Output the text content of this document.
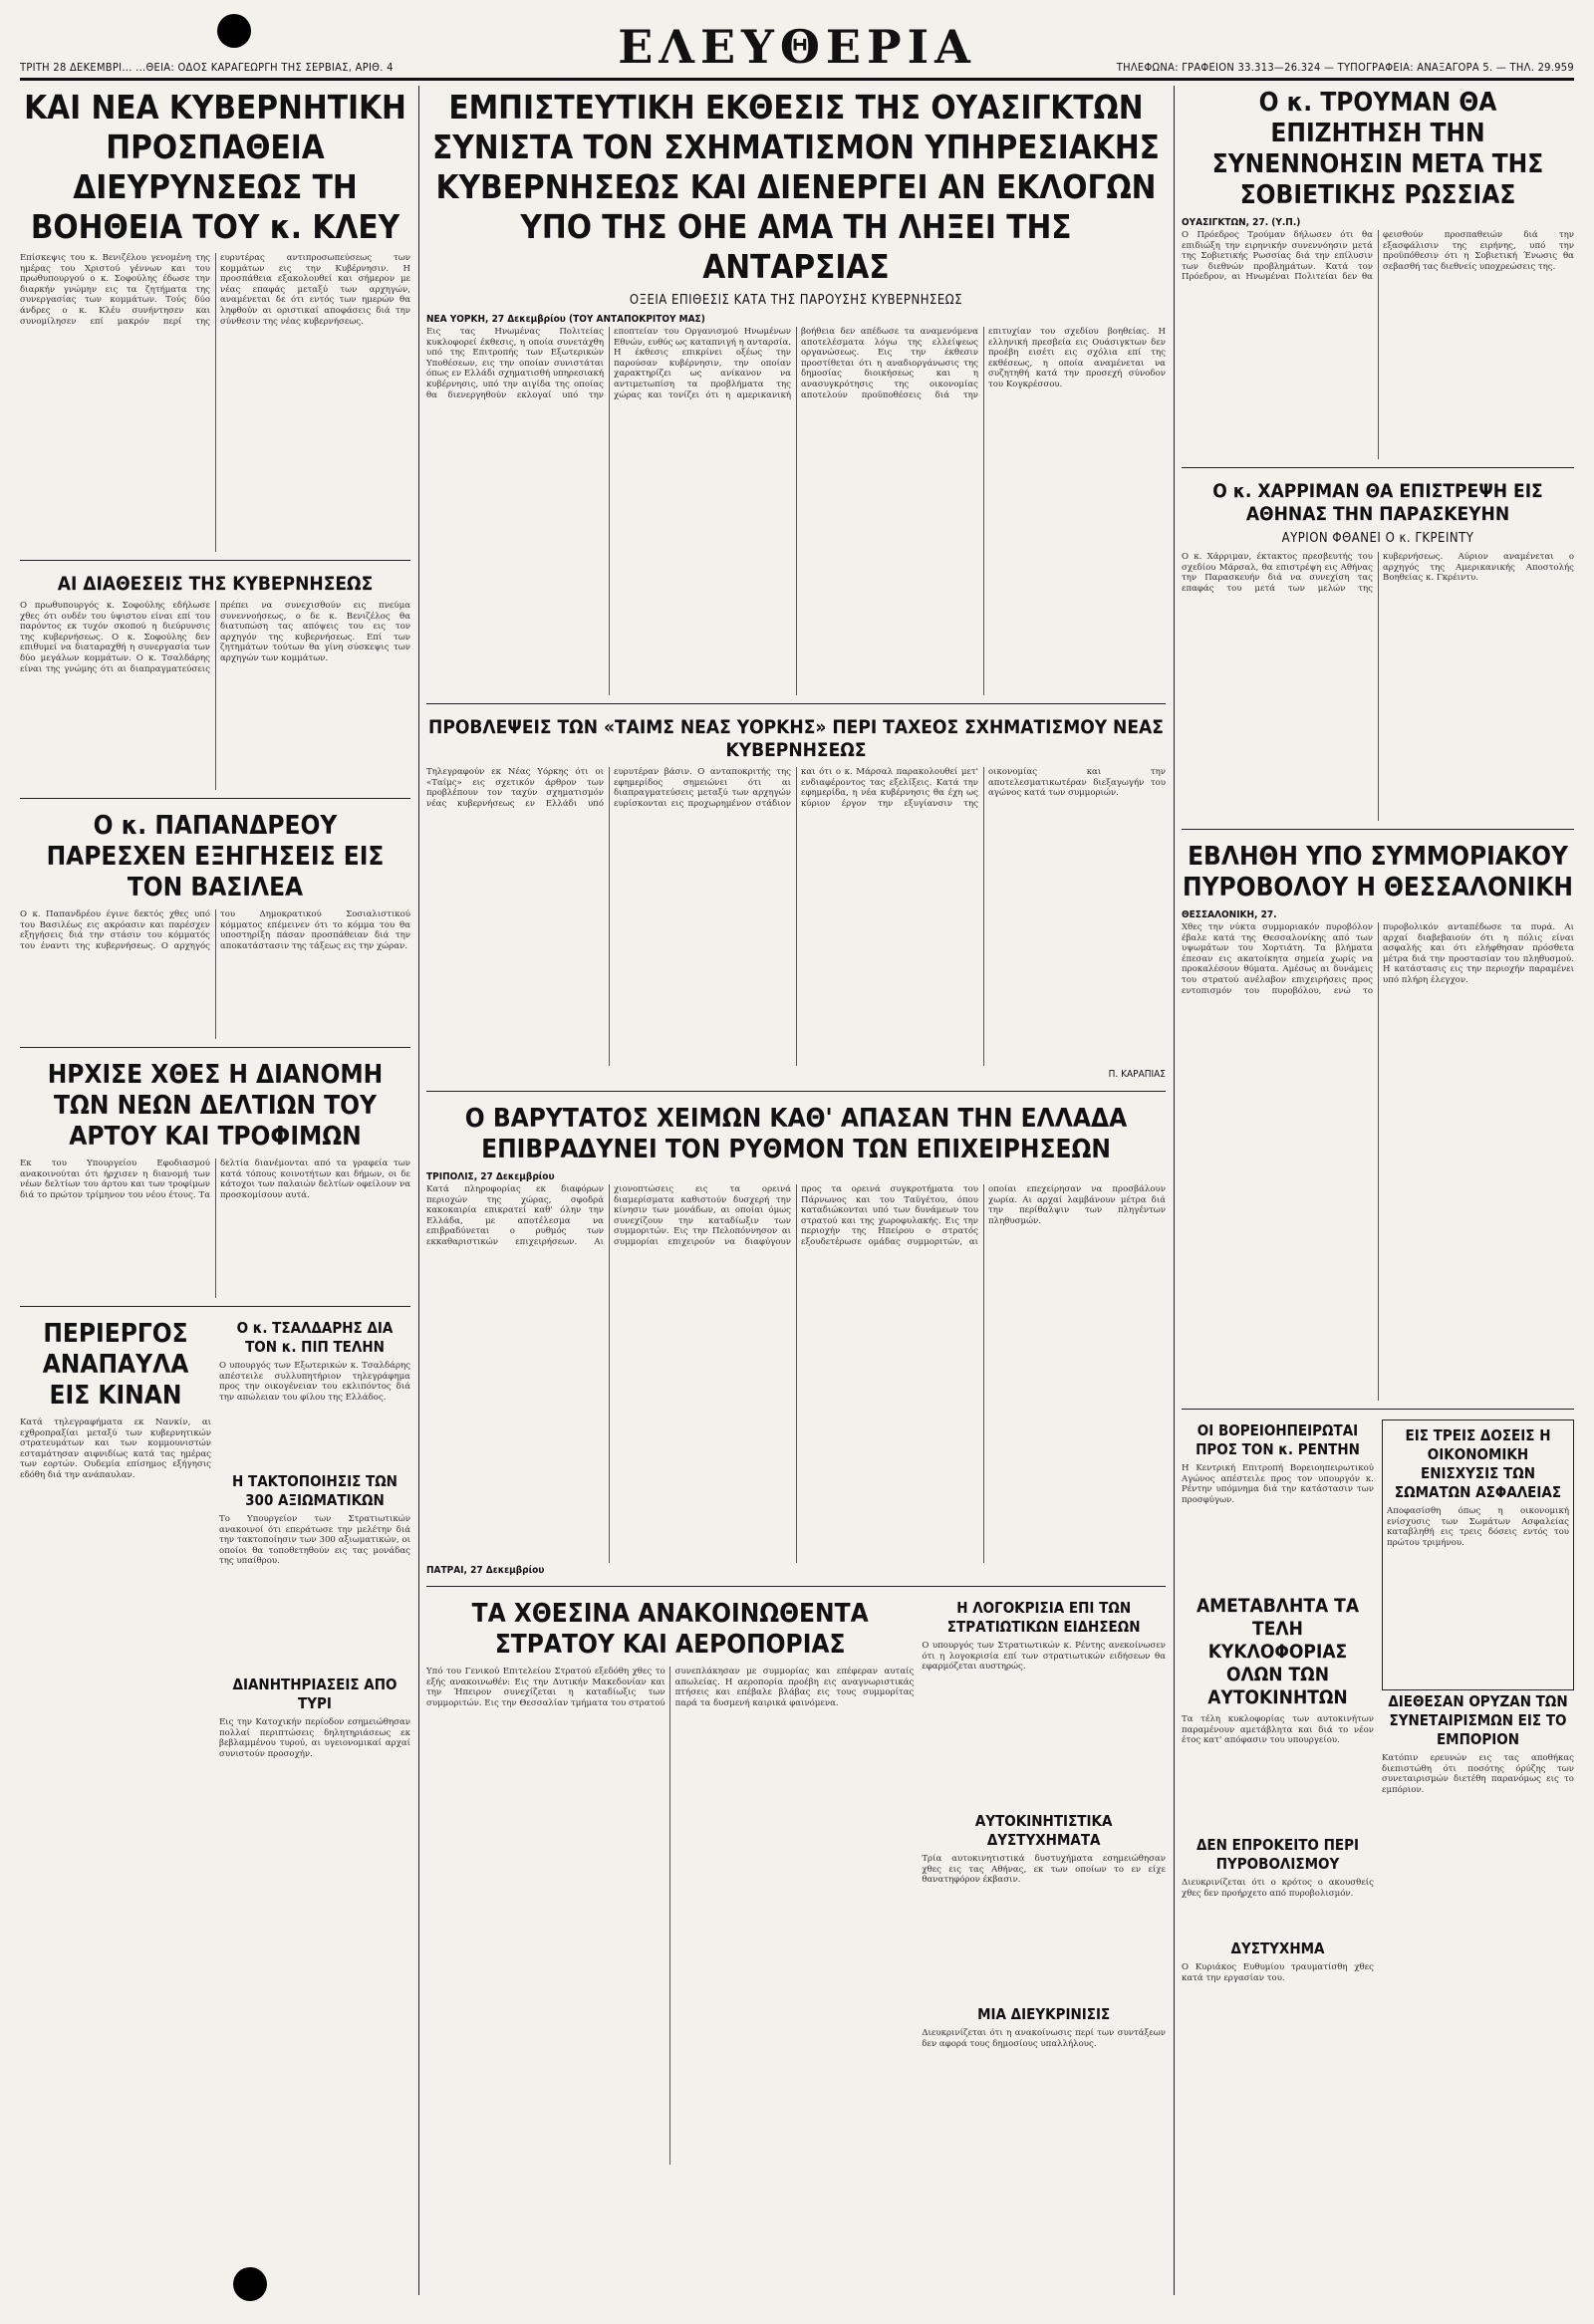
ΤΡΙΤΗ 28 ΔΕΚΕΜΒΡΙ... ...ΘΕΙΑ: ΟΔΟΣ ΚΑΡΑΓΕΩΡΓΗ ΤΗΣ ΣΕΡΒΙΑΣ, ΑΡΙΘ. 4	ΕΛΕΥΘΕΡΙΑ	ΤΗΛΕΦΩΝΑ: ΓΡΑΦΕΙΟΝ 33.313—26.324 — ΤΥΠΟΓΡΑΦΕΙΑ: ΑΝΑΞΑΓΟΡΑ 5. — ΤΗΛ. 29.959
ΚΑΙ ΝΕΑ ΚΥΒΕΡΝΗΤΙΚΗ ΠΡΟΣΠΑΘΕΙΑ ΔΙΕΥΡΥΝΣΕΩΣ ΤΗ ΒΟΗΘΕΙΑ ΤΟΥ κ. ΚΛΕΥ
Επίσκεψις του κ. Βενιζέλου γενομένη της ημέρας του Χριστού γέννων και του πρωθυπουργού ο κ. Σοφούλης έδωσε την διαρκήν γνώμην εις τα ζητήματα της συνεργασίας των κομμάτων. Τούς δύο άνδρες ο κ. Κλέυ συνήντησεν και συνομίλησεν επί μακρόν περί της ευρυτέρας αντιπροσωπεύσεως των κομμάτων εις την Κυβέρνησιν. Η προσπάθεια εξακολουθεί και σήμερον με νέας επαφάς μεταξύ των αρχηγών, αναμένεται δε ότι εντός των ημερών θα ληφθούν αι οριστικαί αποφάσεις διά την σύνθεσιν της νέας κυβερνήσεως.
ΑΙ ΔΙΑΘΕΣΕΙΣ ΤΗΣ ΚΥΒΕΡΝΗΣΕΩΣ
Ο πρωθυπουργός κ. Σοφούλης εδήλωσε χθες ότι ουδέν του ύψιστου είναι επί του παρόντος εκ τυχόν σκοπού η διεύρυνσις της κυβερνήσεως. Ο κ. Σοφούλης δεν επιθυμεί να διαταραχθή η συνεργασία των δύο μεγάλων κομμάτων. Ο κ. Τσαλδάρης είναι της γνώμης ότι αι διαπραγματεύσεις πρέπει να συνεχισθούν εις πνεύμα συνεννοήσεως, ο δε κ. Βενιζέλος θα διατυπώση τας απόψεις του εις τον αρχηγόν της κυβερνήσεως. Επί των ζητημάτων τούτων θα γίνη σύσκεψις των αρχηγών των κομμάτων.
Ο κ. ΠΑΠΑΝΔΡΕΟΥ ΠΑΡΕΣΧΕΝ ΕΞΗΓΗΣΕΙΣ ΕΙΣ ΤΟΝ ΒΑΣΙΛΕΑ
Ο κ. Παπανδρέου έγινε δεκτός χθες υπό του Βασιλέως εις ακρόασιν και παρέσχεν εξηγήσεις διά την στάσιν του κόμματός του έναντι της κυβερνήσεως. Ο αρχηγός του Δημοκρατικού Σοσιαλιστικού κόμματος επέμεινεν ότι το κόμμα του θα υποστηρίξη πάσαν προσπάθειαν διά την αποκατάστασιν της τάξεως εις την χώραν.
ΗΡΧΙΣΕ ΧΘΕΣ Η ΔΙΑΝΟΜΗ ΤΩΝ ΝΕΩΝ ΔΕΛΤΙΩΝ ΤΟΥ ΑΡΤΟΥ ΚΑΙ ΤΡΟΦΙΜΩΝ
Εκ του Υπουργείου Εφοδιασμού ανακοινούται ότι ήρχισεν η διανομή των νέων δελτίων του άρτου και των τροφίμων διά το πρώτον τρίμηνον του νέου έτους. Τα δελτία διανέμονται από τα γραφεία των κατά τόπους κοινοτήτων και δήμων, οι δε κάτοχοι των παλαιών δελτίων οφείλουν να προσκομίσουν αυτά.
ΠΕΡΙΕΡΓΟΣ ΑΝΑΠΑΥΛΑ ΕΙΣ ΚΙΝΑΝ
Κατά τηλεγραφήματα εκ Νανκίν, αι εχθροπραξίαι μεταξύ των κυβερνητικών στρατευμάτων και των κομμουνιστών εσταμάτησαν αιφνιδίως κατά τας ημέρας των εορτών. Ουδεμία επίσημος εξήγησις εδόθη διά την ανάπαυλαν.
Ο κ. ΤΣΑΛΔΑΡΗΣ ΔΙΑ ΤΟΝ κ. ΠΙΠ ΤΕΛΗΝ
Ο υπουργός των Εξωτερικών κ. Τσαλδάρης απέστειλε συλλυπητήριον τηλεγράφημα προς την οικογένειαν του εκλιπόντος διά την απώλειαν του φίλου της Ελλάδος.
Η ΤΑΚΤΟΠΟΙΗΣΙΣ ΤΩΝ 300 ΑΞΙΩΜΑΤΙΚΩΝ
Το Υπουργείον των Στρατιωτικών ανακοινοί ότι επεράτωσε την μελέτην διά την τακτοποίησιν των 300 αξιωματικών, οι οποίοι θα τοποθετηθούν εις τας μονάδας της υπαίθρου.
ΔΙΑΝΗΤΗΡΙΑΣΕΙΣ ΑΠΟ ΤΥΡΙ
Εις την Κατοχικήν περίοδον εσημειώθησαν πολλαί περιπτώσεις δηλητηριάσεως εκ βεβλαμμένου τυρού, αι υγειονομικαί αρχαί συνιστούν προσοχήν.
ΕΜΠΙΣΤΕΥΤΙΚΗ ΕΚΘΕΣΙΣ ΤΗΣ ΟΥΑΣΙΓΚΤΩΝ ΣΥΝΙΣΤΑ ΤΟΝ ΣΧΗΜΑΤΙΣΜΟΝ ΥΠΗΡΕΣΙΑΚΗΣ ΚΥΒΕΡΝΗΣΕΩΣ ΚΑΙ ΔΙΕΝΕΡΓΕΙ ΑΝ ΕΚΛΟΓΩΝ ΥΠΟ ΤΗΣ ΟΗΕ ΑΜΑ ΤΗ ΛΗΞΕΙ ΤΗΣ ΑΝΤΑΡΣΙΑΣ
ΟΞΕΙΑ ΕΠΙΘΕΣΙΣ ΚΑΤΑ ΤΗΣ ΠΑΡΟΥΣΗΣ ΚΥΒΕΡΝΗΣΕΩΣ
ΝΕΑ ΥΟΡΚΗ, 27 Δεκεμβρίου (ΤΟΥ ΑΝΤΑΠΟΚΡΙΤΟΥ ΜΑΣ)
Εις τας Ηνωμένας Πολιτείας κυκλοφορεί έκθεσις, η οποία συνετάχθη υπό της Επιτροπής των Εξωτερικών Υποθέσεων, εις την οποίαν συνιστάται όπως εν Ελλάδι σχηματισθή υπηρεσιακή κυβέρνησις, υπό την αιγίδα της οποίας θα διενεργηθούν εκλογαί υπό την εποπτείαν του Οργανισμού Ηνωμένων Εθνών, ευθύς ως καταπνιγή η ανταρσία. Η έκθεσις επικρίνει οξέως την παρούσαν κυβέρνησιν, την οποίαν χαρακτηρίζει ως ανίκανον να αντιμετωπίση τα προβλήματα της χώρας και τονίζει ότι η αμερικανική βοήθεια δεν απέδωσε τα αναμενόμενα αποτελέσματα λόγω της ελλείψεως οργανώσεως. Εις την έκθεσιν προστίθεται ότι η αναδιοργάνωσις της δημοσίας διοικήσεως και η ανασυγκρότησις της οικονομίας αποτελούν προϋποθέσεις διά την επιτυχίαν του σχεδίου βοηθείας. Η ελληνική πρεσβεία εις Ουάσιγκτων δεν προέβη εισέτι εις σχόλια επί της εκθέσεως, η οποία αναμένεται να συζητηθή κατά την προσεχή σύνοδον του Κογκρέσσου.
ΠΡΟΒΛΕΨΕΙΣ ΤΩΝ «ΤΑΙΜΣ ΝΕΑΣ ΥΟΡΚΗΣ» ΠΕΡΙ ΤΑΧΕΟΣ ΣΧΗΜΑΤΙΣΜΟΥ ΝΕΑΣ ΚΥΒΕΡΝΗΣΕΩΣ
Τηλεγραφούν εκ Νέας Υόρκης ότι οι «Ταίμς» εις σχετικόν άρθρον των προβλέπουν τον ταχύν σχηματισμόν νέας κυβερνήσεως εν Ελλάδι υπό ευρυτέραν βάσιν. Ο ανταποκριτής της εφημερίδος σημειώνει ότι αι διαπραγματεύσεις μεταξύ των αρχηγών ευρίσκονται εις προχωρημένον στάδιον και ότι ο κ. Μάρσαλ παρακολουθεί μετ' ενδιαφέροντος τας εξελίξεις. Κατά την εφημερίδα, η νέα κυβέρνησις θα έχη ως κύριον έργον την εξυγίανσιν της οικονομίας και την αποτελεσματικωτέραν διεξαγωγήν του αγώνος κατά των συμμοριών.
Π. ΚΑΡΑΠΙΑΣ
Ο ΒΑΡΥΤΑΤΟΣ ΧΕΙΜΩΝ ΚΑΘ' ΑΠΑΣΑΝ ΤΗΝ ΕΛΛΑΔΑ ΕΠΙΒΡΑΔΥΝΕΙ ΤΟΝ ΡΥΘΜΟΝ ΤΩΝ ΕΠΙΧΕΙΡΗΣΕΩΝ
ΤΡΙΠΟΛΙΣ, 27 Δεκεμβρίου
Κατά πληροφορίας εκ διαφόρων περιοχών της χώρας, σφοδρά κακοκαιρία επικρατεί καθ' όλην την Ελλάδα, με αποτέλεσμα να επιβραδύνεται ο ρυθμός των εκκαθαριστικών επιχειρήσεων. Αι χιονοπτώσεις εις τα ορεινά διαμερίσματα καθιστούν δυσχερή την κίνησιν των μονάδων, αι οποίαι όμως συνεχίζουν την καταδίωξιν των συμμοριτών. Εις την Πελοπόννησον αι συμμορίαι επιχειρούν να διαφύγουν προς τα ορεινά συγκροτήματα του Πάρνωνος και του Ταϋγέτου, όπου καταδιώκονται υπό των δυνάμεων του στρατού και της χωροφυλακής. Εις την περιοχήν της Ηπείρου ο στρατός εξουδετέρωσε ομάδας συμμοριτών, αι οποίαι επεχείρησαν να προσβάλουν χωρία. Αι αρχαί λαμβάνουν μέτρα διά την περίθαλψιν των πληγέντων πληθυσμών.
ΠΑΤΡΑΙ, 27 Δεκεμβρίου
ΤΑ ΧΘΕΣΙΝΑ ΑΝΑΚΟΙΝΩΘΕΝΤΑ ΣΤΡΑΤΟΥ ΚΑΙ ΑΕΡΟΠΟΡΙΑΣ
Υπό του Γενικού Επιτελείου Στρατού εξεδόθη χθες το εξής ανακοινωθέν: Εις την Δυτικήν Μακεδονίαν και την Ήπειρον συνεχίζεται η καταδίωξις των συμμοριτών. Εις την Θεσσαλίαν τμήματα του στρατού συνεπλάκησαν με συμμορίας και επέφεραν αυταίς απωλείας. Η αεροπορία προέβη εις αναγνωριστικάς πτήσεις και επέβαλε βλάβας εις τους συμμορίτας παρά τα δυσμενή καιρικά φαινόμενα.
Η ΛΟΓΟΚΡΙΣΙΑ ΕΠΙ ΤΩΝ ΣΤΡΑΤΙΩΤΙΚΩΝ ΕΙΔΗΣΕΩΝ
Ο υπουργός των Στρατιωτικών κ. Ρέντης ανεκοίνωσεν ότι η λογοκρισία επί των στρατιωτικών ειδήσεων θα εφαρμόζεται αυστηρώς.
ΑΥΤΟΚΙΝΗΤΙΣΤΙΚΑ ΔΥΣΤΥΧΗΜΑΤΑ
Τρία αυτοκινητιστικά δυστυχήματα εσημειώθησαν χθες εις τας Αθήνας, εκ των οποίων το εν είχε θανατηφόρον έκβασιν.
ΜΙΑ ΔΙΕΥΚΡΙΝΙΣΙΣ
Διευκρινίζεται ότι η ανακοίνωσις περί των συντάξεων δεν αφορά τους δημοσίους υπαλλήλους.
Ο κ. ΤΡΟΥΜΑΝ ΘΑ ΕΠΙΖΗΤΗΣΗ ΤΗΝ ΣΥΝΕΝΝΟΗΣΙΝ ΜΕΤΑ ΤΗΣ ΣΟΒΙΕΤΙΚΗΣ ΡΩΣΣΙΑΣ
ΟΥΑΣΙΓΚΤΩΝ, 27. (Υ.Π.)
Ο Πρόεδρος Τρούμαν δήλωσεν ότι θα επιδιώξη την ειρηνικήν συνεννόησιν μετά της Σοβιετικής Ρωσσίας διά την επίλυσιν των διεθνών προβλημάτων. Κατά τον Πρόεδρον, αι Ηνωμέναι Πολιτείαι δεν θα φεισθούν προσπαθειών διά την εξασφάλισιν της ειρήνης, υπό την προϋπόθεσιν ότι η Σοβιετική Ένωσις θα σεβασθή τας διεθνείς υποχρεώσεις της.
Ο κ. ΧΑΡΡΙΜΑΝ ΘΑ ΕΠΙΣΤΡΕΨΗ ΕΙΣ ΑΘΗΝΑΣ ΤΗΝ ΠΑΡΑΣΚΕΥΗΝ
ΑΥΡΙΟΝ ΦΘΑΝΕΙ Ο κ. ΓΚΡΕΙΝΤΥ
Ο κ. Χάρριμαν, έκτακτος πρεσβευτής του σχεδίου Μάρσαλ, θα επιστρέψη εις Αθήνας την Παρασκευήν διά να συνεχίση τας επαφάς του μετά των μελών της κυβερνήσεως. Αύριον αναμένεται ο αρχηγός της Αμερικανικής Αποστολής Βοηθείας κ. Γκρέιντυ.
ΕΒΛΗΘΗ ΥΠΟ ΣΥΜΜΟΡΙΑΚΟΥ ΠΥΡΟΒΟΛΟΥ Η ΘΕΣΣΑΛΟΝΙΚΗ
ΘΕΣΣΑΛΟΝΙΚΗ, 27.
Χθες την νύκτα συμμοριακόν πυροβόλον έβαλε κατά της Θεσσαλονίκης από των υψωμάτων του Χορτιάτη. Τα βλήματα έπεσαν εις ακατοίκητα σημεία χωρίς να προκαλέσουν θύματα. Αμέσως αι δυνάμεις του στρατού ανέλαβον επιχειρήσεις προς εντοπισμόν του πυροβόλου, ενώ το πυροβολικόν ανταπέδωσε τα πυρά. Αι αρχαί διαβεβαιούν ότι η πόλις είναι ασφαλής και ότι ελήφθησαν πρόσθετα μέτρα διά την προστασίαν του πληθυσμού. Η κατάστασις εις την περιοχήν παραμένει υπό πλήρη έλεγχον.
ΟΙ ΒΟΡΕΙΟΗΠΕΙΡΩΤΑΙ ΠΡΟΣ ΤΟΝ κ. ΡΕΝΤΗΝ
Η Κεντρική Επιτροπή Βορειοηπειρωτικού Αγώνος απέστειλε προς τον υπουργόν κ. Ρέντην υπόμνημα διά την κατάστασιν των προσφύγων.
ΑΜΕΤΑΒΛΗΤΑ ΤΑ ΤΕΛΗ ΚΥΚΛΟΦΟΡΙΑΣ ΟΛΩΝ ΤΩΝ ΑΥΤΟΚΙΝΗΤΩΝ
Τα τέλη κυκλοφορίας των αυτοκινήτων παραμένουν αμετάβλητα και διά το νέον έτος κατ' απόφασιν του υπουργείου.
ΔΕΝ ΕΠΡΟΚΕΙΤΟ ΠΕΡΙ ΠΥΡΟΒΟΛΙΣΜΟΥ
Διευκρινίζεται ότι ο κρότος ο ακουσθείς χθες δεν προήρχετο από πυροβολισμόν.
ΔΥΣΤΥΧΗΜΑ
Ο Κυριάκος Ευθυμίου τραυματίσθη χθες κατά την εργασίαν του.
ΕΙΣ ΤΡΕΙΣ ΔΟΣΕΙΣ Η ΟΙΚΟΝΟΜΙΚΗ ΕΝΙΣΧΥΣΙΣ ΤΩΝ ΣΩΜΑΤΩΝ ΑΣΦΑΛΕΙΑΣ
Αποφασίσθη όπως η οικονομική ενίσχυσις των Σωμάτων Ασφαλείας καταβληθή εις τρεις δόσεις εντός του πρώτου τριμήνου.
ΔΙΕΘΕΣΑΝ ΟΡΥΖΑΝ ΤΩΝ ΣΥΝΕΤΑΙΡΙΣΜΩΝ ΕΙΣ ΤΟ ΕΜΠΟΡΙΟΝ
Κατόπιν ερευνών εις τας αποθήκας διεπιστώθη ότι ποσότης όρύζης των συνεταιρισμών διετέθη παρανόμως εις το εμπόριον.
